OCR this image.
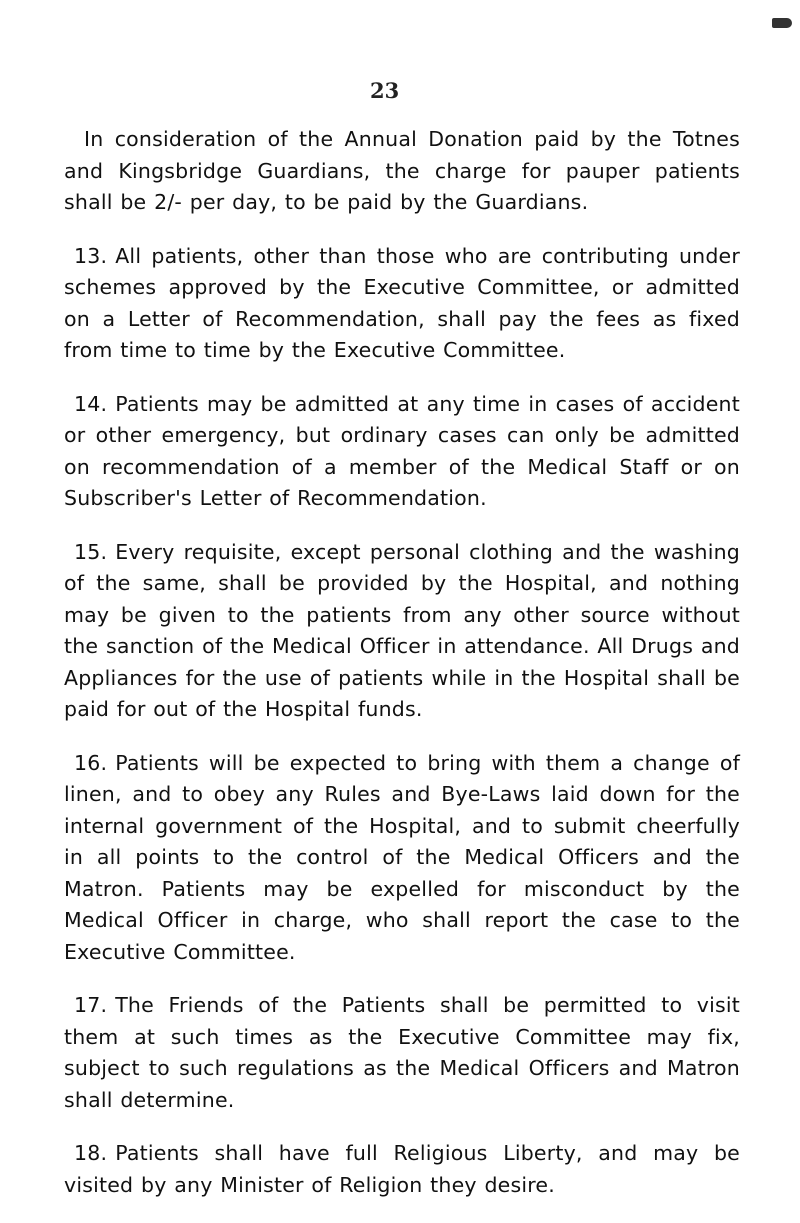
23

In consideration of the Annual Donation paid by the Totnes and Kingsbridge Guardians, the charge for pauper patients shall be 2/- per day, to be paid by the Guardians.

13. All patients, other than those who are contributing under schemes approved by the Executive Committee, or admitted on a Letter of Recommendation, shall pay the fees as fixed from time to time by the Executive Committee.

14. Patients may be admitted at any time in cases of accident or other emergency, but ordinary cases can only be admitted on recommendation of a member of the Medical Staff or on Subscriber's Letter of Recommendation.

15. Every requisite, except personal clothing and the washing of the same, shall be provided by the Hospital, and nothing may be given to the patients from any other source without the sanction of the Medical Officer in attendance. All Drugs and Appliances for the use of patients while in the Hospital shall be paid for out of the Hospital funds.

16. Patients will be expected to bring with them a change of linen, and to obey any Rules and Bye-Laws laid down for the internal government of the Hospital, and to submit cheerfully in all points to the control of the Medical Officers and the Matron. Patients may be expelled for misconduct by the Medical Officer in charge, who shall report the case to the Executive Committee.

17. The Friends of the Patients shall be permitted to visit them at such times as the Executive Committee may fix, subject to such regulations as the Medical Officers and Matron shall determine.

18. Patients shall have full Religious Liberty, and may be visited by any Minister of Religion they desire.
